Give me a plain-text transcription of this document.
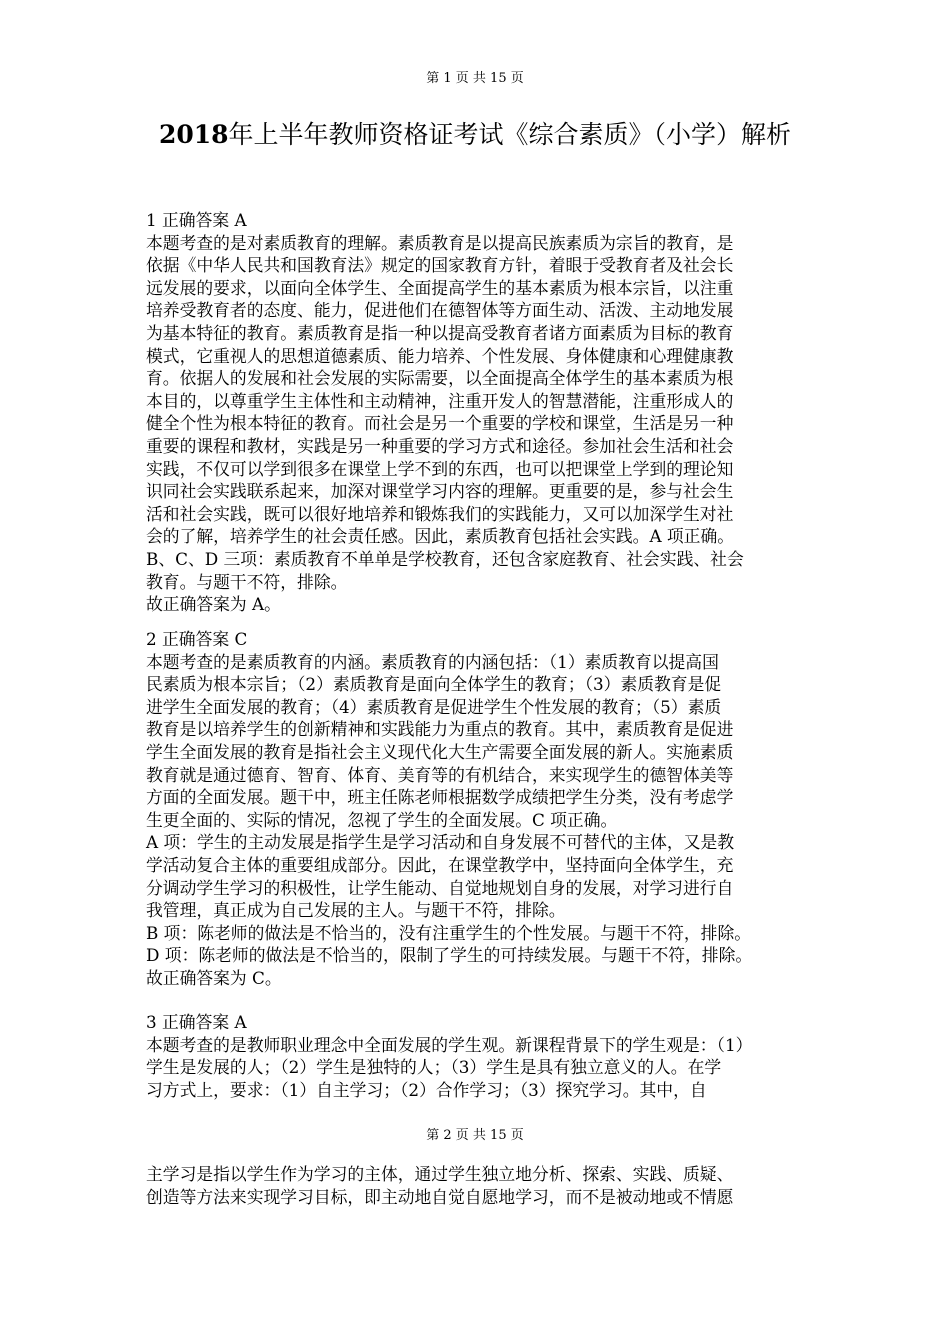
第 1 页 共 15 页
2018年上半年教师资格证考试《综合素质》（小学）解析
1 正确答案 A
本题考查的是对素质教育的理解。素质教育是以提高民族素质为宗旨的教育，是
依据《中华人民共和国教育法》规定的国家教育方针，着眼于受教育者及社会长
远发展的要求，以面向全体学生、全面提高学生的基本素质为根本宗旨，以注重
培养受教育者的态度、能力，促进他们在德智体等方面生动、活泼、主动地发展
为基本特征的教育。素质教育是指一种以提高受教育者诸方面素质为目标的教育
模式，它重视人的思想道德素质、能力培养、个性发展、身体健康和心理健康教
育。依据人的发展和社会发展的实际需要，以全面提高全体学生的基本素质为根
本目的，以尊重学生主体性和主动精神，注重开发人的智慧潜能，注重形成人的
健全个性为根本特征的教育。而社会是另一个重要的学校和课堂，生活是另一种
重要的课程和教材，实践是另一种重要的学习方式和途径。参加社会生活和社会
实践，不仅可以学到很多在课堂上学不到的东西，也可以把课堂上学到的理论知
识同社会实践联系起来，加深对课堂学习内容的理解。更重要的是，参与社会生
活和社会实践，既可以很好地培养和锻炼我们的实践能力，又可以加深学生对社
会的了解，培养学生的社会责任感。因此，素质教育包括社会实践。A 项正确。
B、C、D 三项：素质教育不单单是学校教育，还包含家庭教育、社会实践、社会
教育。与题干不符，排除。
故正确答案为 A。
2 正确答案 C
本题考查的是素质教育的内涵。素质教育的内涵包括：（1）素质教育以提高国
民素质为根本宗旨；（2）素质教育是面向全体学生的教育；（3）素质教育是促
进学生全面发展的教育；（4）素质教育是促进学生个性发展的教育；（5）素质
教育是以培养学生的创新精神和实践能力为重点的教育。其中，素质教育是促进
学生全面发展的教育是指社会主义现代化大生产需要全面发展的新人。实施素质
教育就是通过德育、智育、体育、美育等的有机结合，来实现学生的德智体美等
方面的全面发展。题干中，班主任陈老师根据数学成绩把学生分类，没有考虑学
生更全面的、实际的情况，忽视了学生的全面发展。C 项正确。
A 项：学生的主动发展是指学生是学习活动和自身发展不可替代的主体，又是教
学活动复合主体的重要组成部分。因此，在课堂教学中，坚持面向全体学生，充
分调动学生学习的积极性，让学生能动、自觉地规划自身的发展，对学习进行自
我管理，真正成为自己发展的主人。与题干不符，排除。
B 项：陈老师的做法是不恰当的，没有注重学生的个性发展。与题干不符，排除。
D 项：陈老师的做法是不恰当的，限制了学生的可持续发展。与题干不符，排除。
故正确答案为 C。
3 正确答案 A
本题考查的是教师职业理念中全面发展的学生观。新课程背景下的学生观是：（1）
学生是发展的人；（2）学生是独特的人；（3）学生是具有独立意义的人。在学
习方式上，要求：（1）自主学习；（2）合作学习；（3）探究学习。其中，自
第 2 页 共 15 页
主学习是指以学生作为学习的主体，通过学生独立地分析、探索、实践、质疑、
创造等方法来实现学习目标，即主动地自觉自愿地学习，而不是被动地或不情愿
